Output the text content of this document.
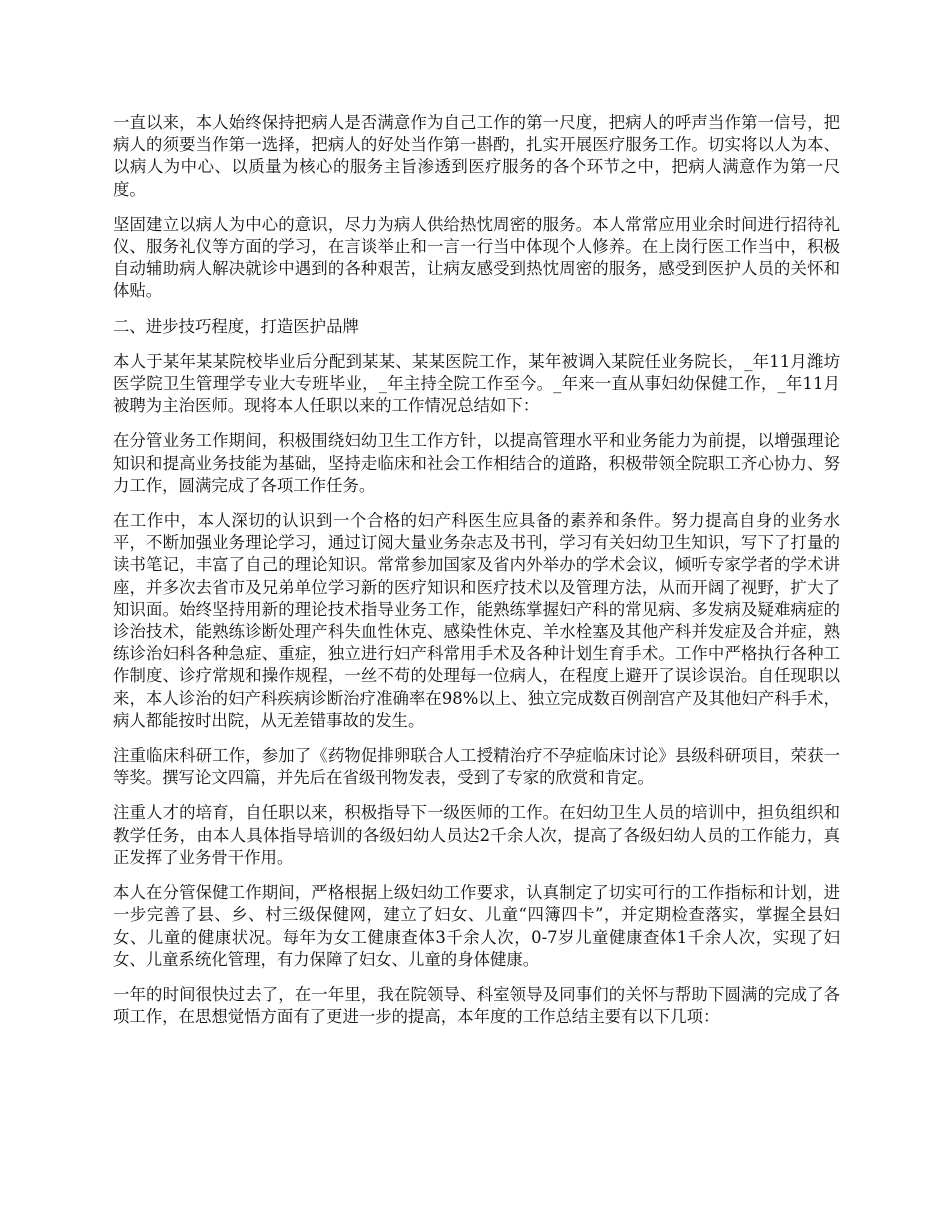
一直以来，本人始终保持把病人是否满意作为自己工作的第一尺度，把病人的呼声当作第一信号，把病人的须要当作第一选择，把病人的好处当作第一斟酌，扎实开展医疗服务工作。切实将以人为本、以病人为中心、以质量为核心的服务主旨渗透到医疗服务的各个环节之中，把病人满意作为第一尺度。

坚固建立以病人为中心的意识，尽力为病人供给热忱周密的服务。本人常常应用业余时间进行招待礼仪、服务礼仪等方面的学习，在言谈举止和一言一行当中体现个人修养。在上岗行医工作当中，积极自动辅助病人解决就诊中遇到的各种艰苦，让病友感受到热忱周密的服务，感受到医护人员的关怀和体贴。

二、进步技巧程度，打造医护品牌

本人于某年某某院校毕业后分配到某某、某某医院工作，某年被调入某院任业务院长，_年11月潍坊医学院卫生管理学专业大专班毕业，_年主持全院工作至今。_年来一直从事妇幼保健工作，_年11月被聘为主治医师。现将本人任职以来的工作情况总结如下：

在分管业务工作期间，积极围绕妇幼卫生工作方针，以提高管理水平和业务能力为前提，以增强理论知识和提高业务技能为基础，坚持走临床和社会工作相结合的道路，积极带领全院职工齐心协力、努力工作，圆满完成了各项工作任务。

在工作中，本人深切的认识到一个合格的妇产科医生应具备的素养和条件。努力提高自身的业务水平，不断加强业务理论学习，通过订阅大量业务杂志及书刊，学习有关妇幼卫生知识，写下了打量的读书笔记，丰富了自己的理论知识。常常参加国家及省内外举办的学术会议，倾听专家学者的学术讲座，并多次去省市及兄弟单位学习新的医疗知识和医疗技术以及管理方法，从而开阔了视野，扩大了知识面。始终坚持用新的理论技术指导业务工作，能熟练掌握妇产科的常见病、多发病及疑难病症的诊治技术，能熟练诊断处理产科失血性休克、感染性休克、羊水栓塞及其他产科并发症及合并症，熟练诊治妇科各种急症、重症，独立进行妇产科常用手术及各种计划生育手术。工作中严格执行各种工作制度、诊疗常规和操作规程，一丝不苟的处理每一位病人，在程度上避开了误诊误治。自任现职以来，本人诊治的妇产科疾病诊断治疗准确率在98%以上、独立完成数百例剖宫产及其他妇产科手术，病人都能按时出院，从无差错事故的发生。

注重临床科研工作，参加了《药物促排卵联合人工授精治疗不孕症临床讨论》县级科研项目，荣获一等奖。撰写论文四篇，并先后在省级刊物发表，受到了专家的欣赏和肯定。

注重人才的培育，自任职以来，积极指导下一级医师的工作。在妇幼卫生人员的培训中，担负组织和教学任务，由本人具体指导培训的各级妇幼人员达2千余人次，提高了各级妇幼人员的工作能力，真正发挥了业务骨干作用。

本人在分管保健工作期间，严格根据上级妇幼工作要求，认真制定了切实可行的工作指标和计划，进一步完善了县、乡、村三级保健网，建立了妇女、儿童“四簿四卡”，并定期检查落实，掌握全县妇女、儿童的健康状况。每年为女工健康查体3千余人次，0-7岁儿童健康查体1千余人次，实现了妇女、儿童系统化管理，有力保障了妇女、儿童的身体健康。

一年的时间很快过去了，在一年里，我在院领导、科室领导及同事们的关怀与帮助下圆满的完成了各项工作，在思想觉悟方面有了更进一步的提高，本年度的工作总结主要有以下几项：
